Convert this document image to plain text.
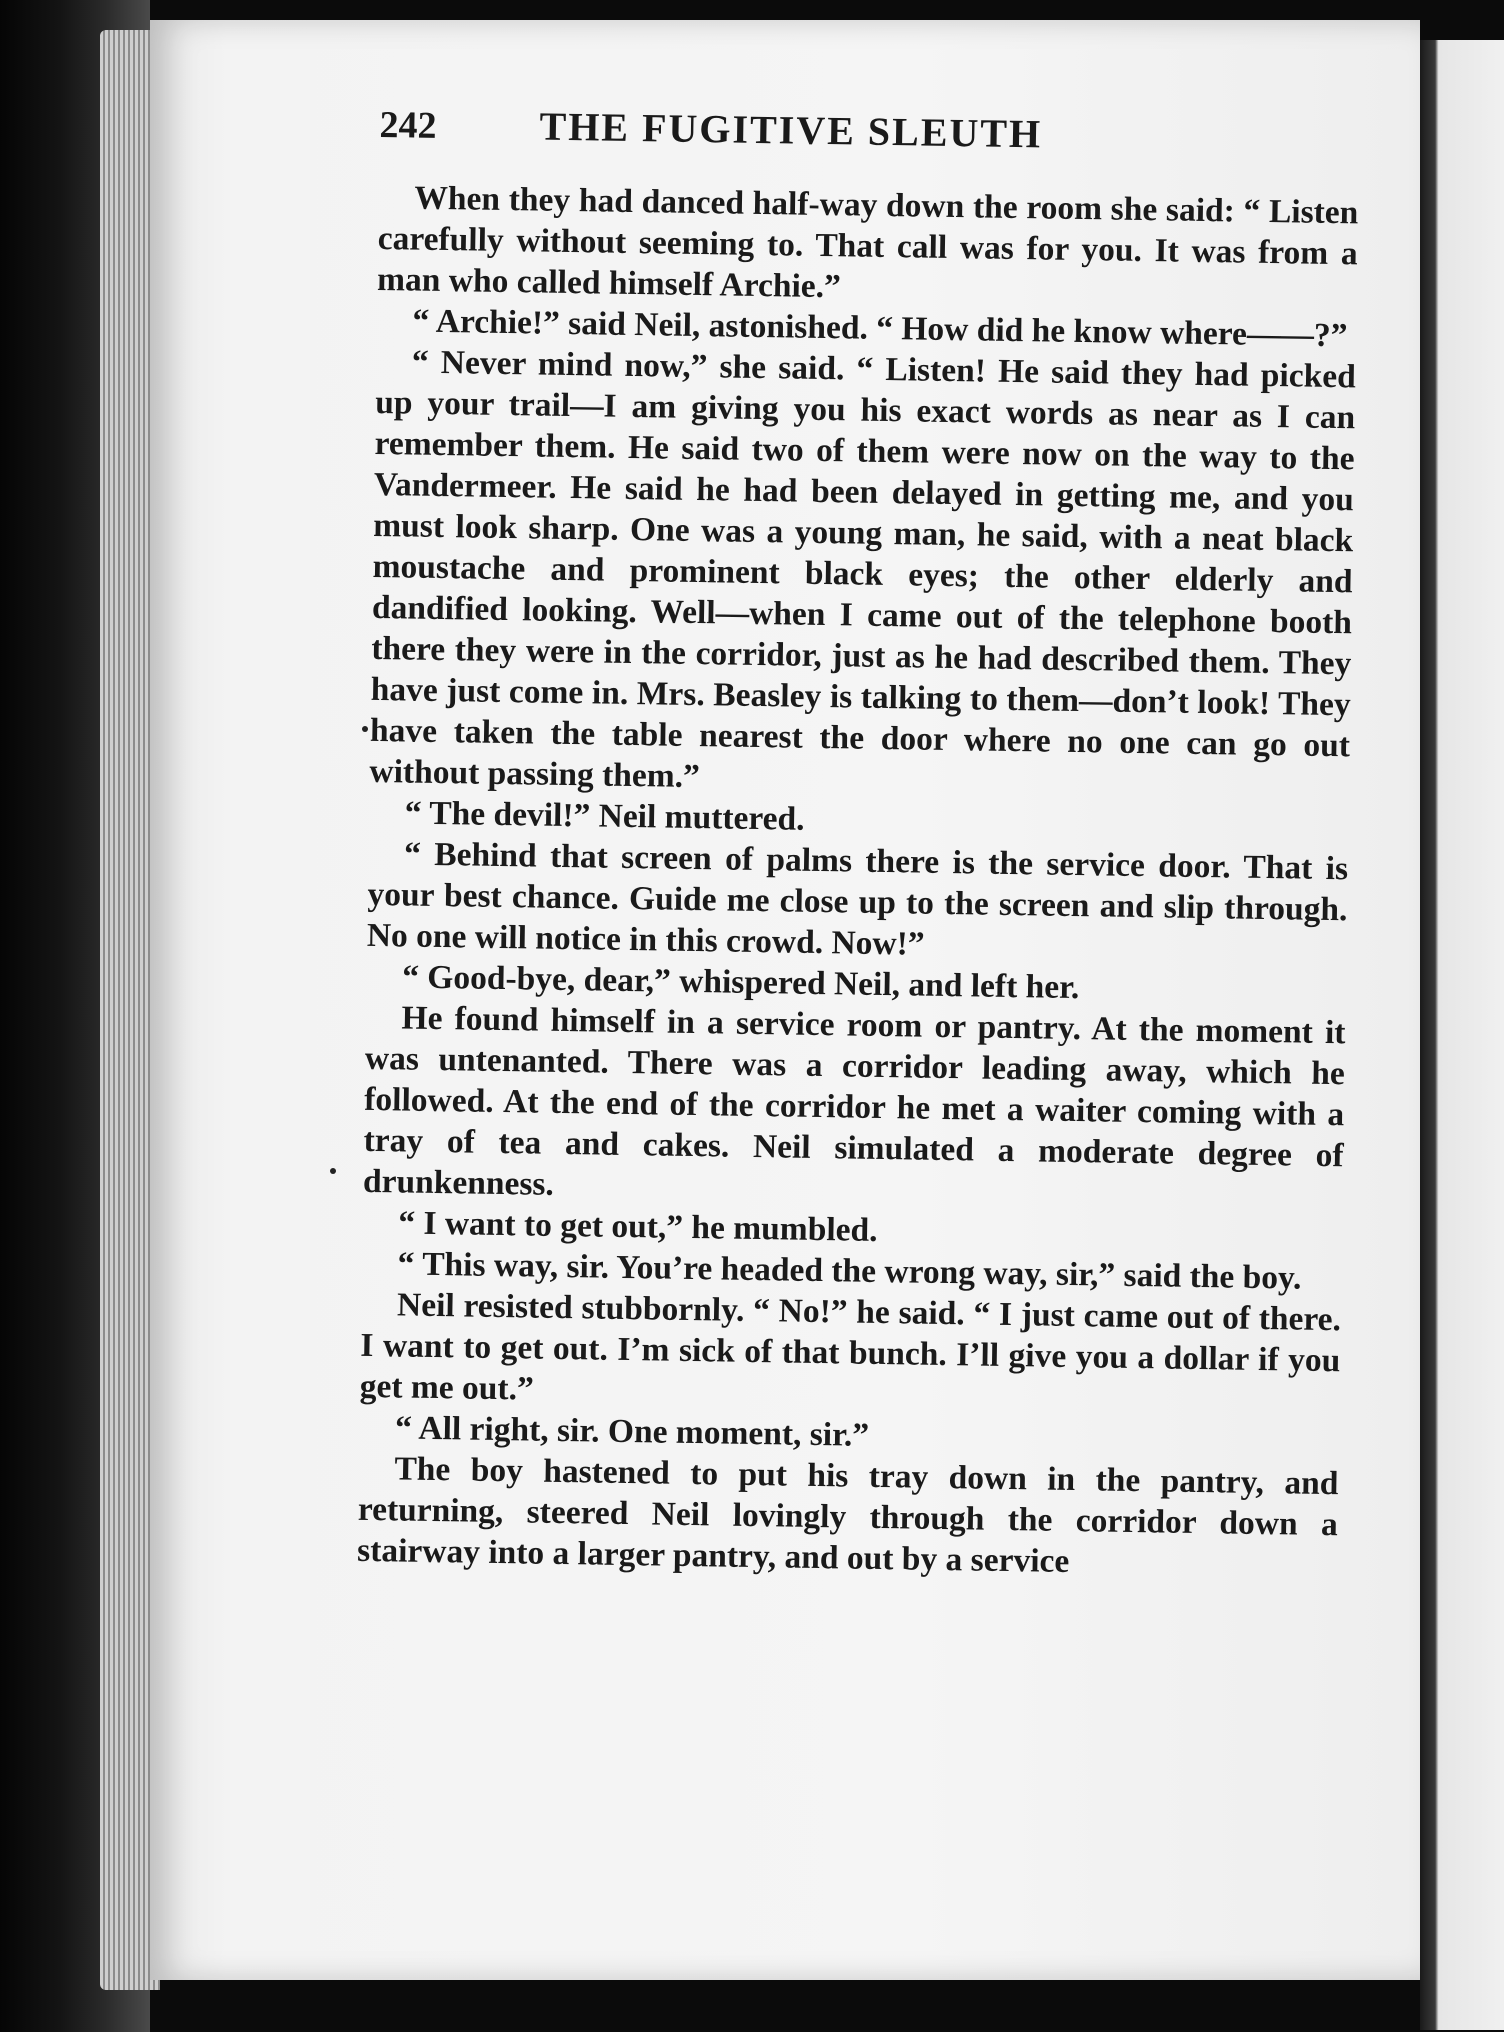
242	THE FUGITIVE SLEUTH

When they had danced half-way down the room she said: “ Listen carefully without seeming to. That call was for you. It was from a man who called himself Archie.”

“ Archie!” said Neil, astonished. “ How did he know where——?”

“ Never mind now,” she said. “ Listen! He said they had picked up your trail—I am giving you his exact words as near as I can remember them. He said two of them were now on the way to the Vandermeer. He said he had been delayed in getting me, and you must look sharp. One was a young man, he said, with a neat black moustache and prominent black eyes; the other elderly and dandified looking. Well—when I came out of the telephone booth there they were in the corridor, just as he had described them. They have just come in. Mrs. Beasley is talking to them—don’t look! They have taken the table nearest the door where no one can go out without passing them.”

“ The devil!” Neil muttered.

“ Behind that screen of palms there is the service door. That is your best chance. Guide me close up to the screen and slip through. No one will notice in this crowd. Now!”

“ Good-bye, dear,” whispered Neil, and left her.

He found himself in a service room or pantry. At the moment it was untenanted. There was a corridor leading away, which he followed. At the end of the corridor he met a waiter coming with a tray of tea and cakes. Neil simulated a moderate degree of drunkenness.

“ I want to get out,” he mumbled.

“ This way, sir. You’re headed the wrong way, sir,” said the boy.

Neil resisted stubbornly. “ No!” he said. “ I just came out of there. I want to get out. I’m sick of that bunch. I’ll give you a dollar if you get me out.”

“ All right, sir. One moment, sir.”

The boy hastened to put his tray down in the pantry, and returning, steered Neil lovingly through the corridor down a stairway into a larger pantry, and out by a service
